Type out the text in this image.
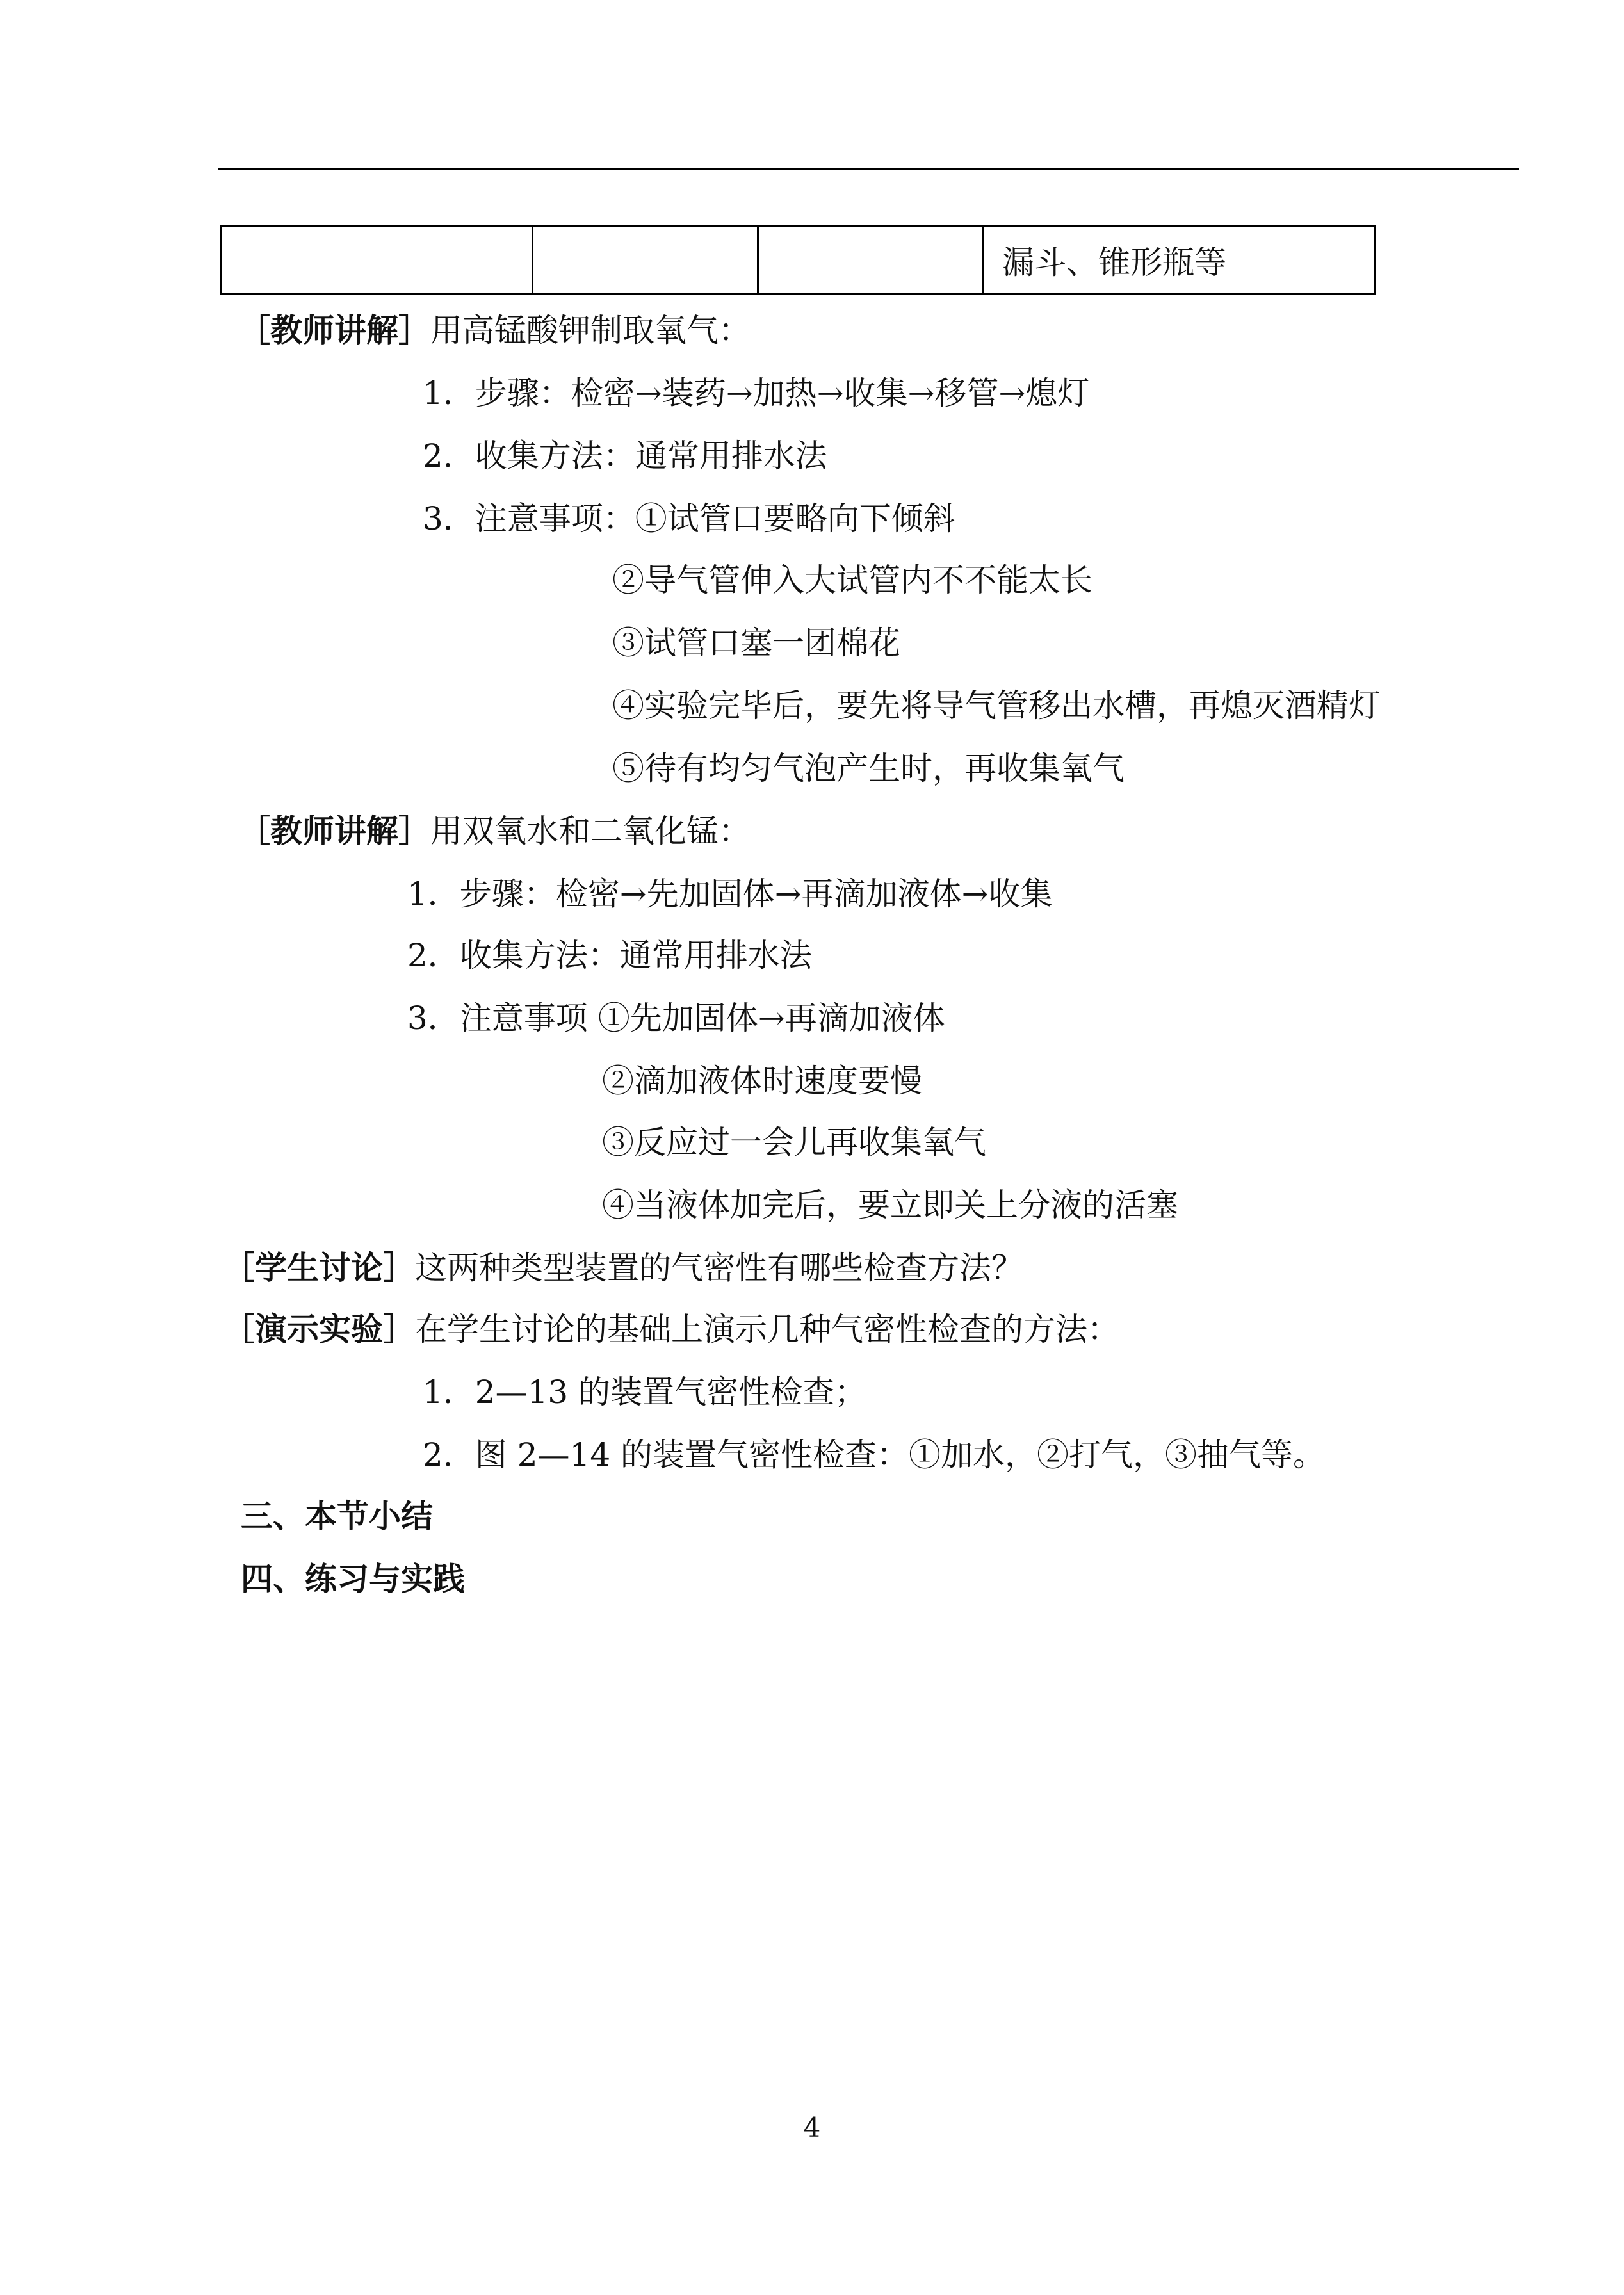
			漏斗、锥形瓶等
［教师讲解］用高锰酸钾制取氧气：
1．步骤：检密→装药→加热→收集→移管→熄灯
2．收集方法：通常用排水法
3．注意事项：①试管口要略向下倾斜
②导气管伸入大试管内不不能太长
③试管口塞一团棉花
④实验完毕后，要先将导气管移出水槽，再熄灭酒精灯
⑤待有均匀气泡产生时，再收集氧气
［教师讲解］用双氧水和二氧化锰：
1．步骤：检密→先加固体→再滴加液体→收集
2．收集方法：通常用排水法
3．注意事项 ①先加固体→再滴加液体
②滴加液体时速度要慢
③反应过一会儿再收集氧气
④当液体加完后，要立即关上分液的活塞
［学生讨论］这两种类型装置的气密性有哪些检查方法？
［演示实验］在学生讨论的基础上演示几种气密性检查的方法：
1．2—13 的装置气密性检查；
2．图 2—14 的装置气密性检查：①加水，②打气，③抽气等。
三、本节小结
四、练习与实践
4
